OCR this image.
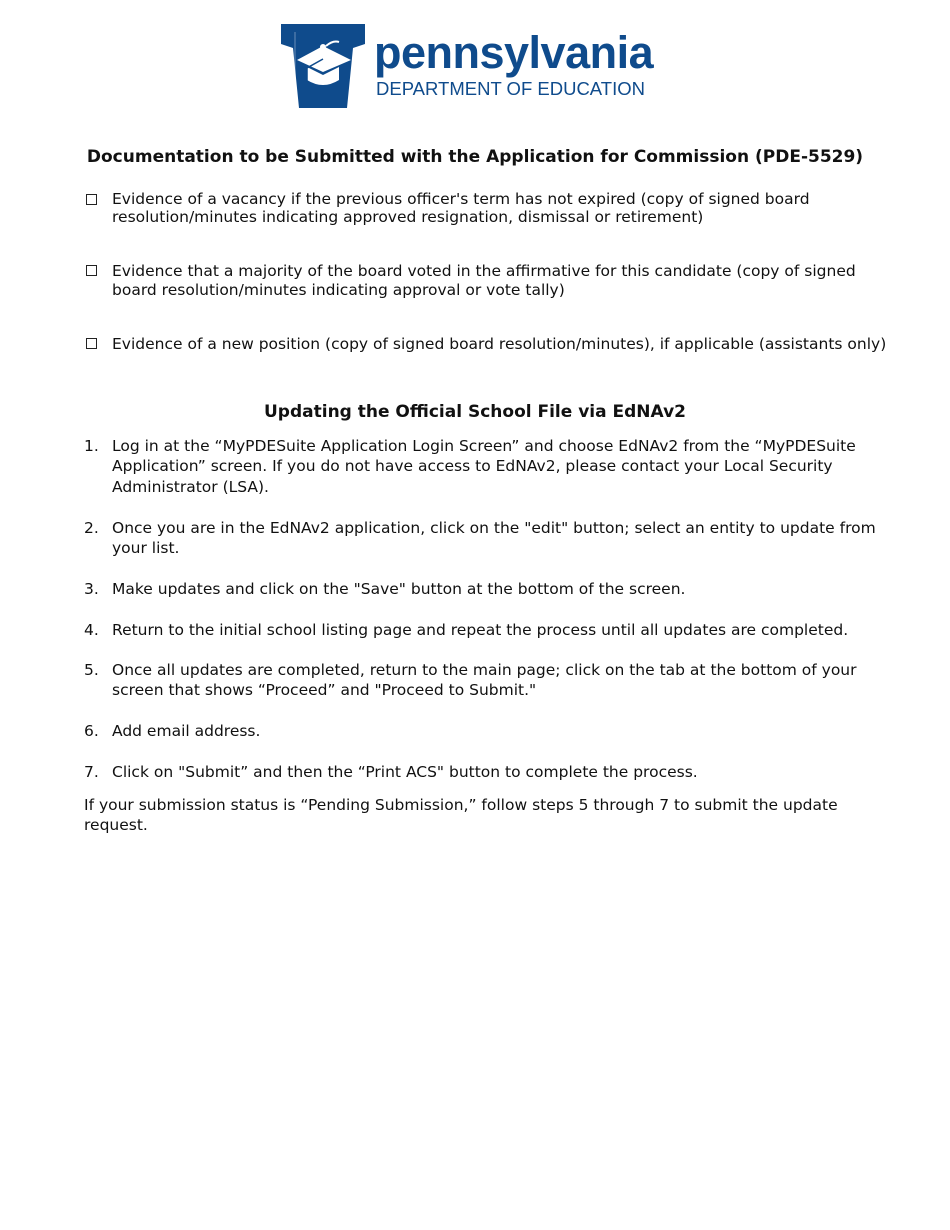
pennsylvania
DEPARTMENT OF EDUCATION
Documentation to be Submitted with the Application for Commission (PDE-5529)
Evidence of a vacancy if the previous officer's term has not expired (copy of signed board
resolution/minutes indicating approved resignation, dismissal or retirement)
Evidence that a majority of the board voted in the affirmative for this candidate (copy of signed
board resolution/minutes indicating approval or vote tally)
Evidence of a new position (copy of signed board resolution/minutes), if applicable (assistants only)
Updating the Official School File via EdNAv2
1. Log in at the “MyPDESuite Application Login Screen” and choose EdNAv2 from the “MyPDESuite
Application” screen. If you do not have access to EdNAv2, please contact your Local Security
Administrator (LSA).
2. Once you are in the EdNAv2 application, click on the "edit" button; select an entity to update from
your list.
3. Make updates and click on the "Save" button at the bottom of the screen.
4. Return to the initial school listing page and repeat the process until all updates are completed.
5. Once all updates are completed, return to the main page; click on the tab at the bottom of your
screen that shows “Proceed” and "Proceed to Submit."
6. Add email address.
7. Click on "Submit” and then the “Print ACS" button to complete the process.
If your submission status is “Pending Submission,” follow steps 5 through 7 to submit the update
request.
